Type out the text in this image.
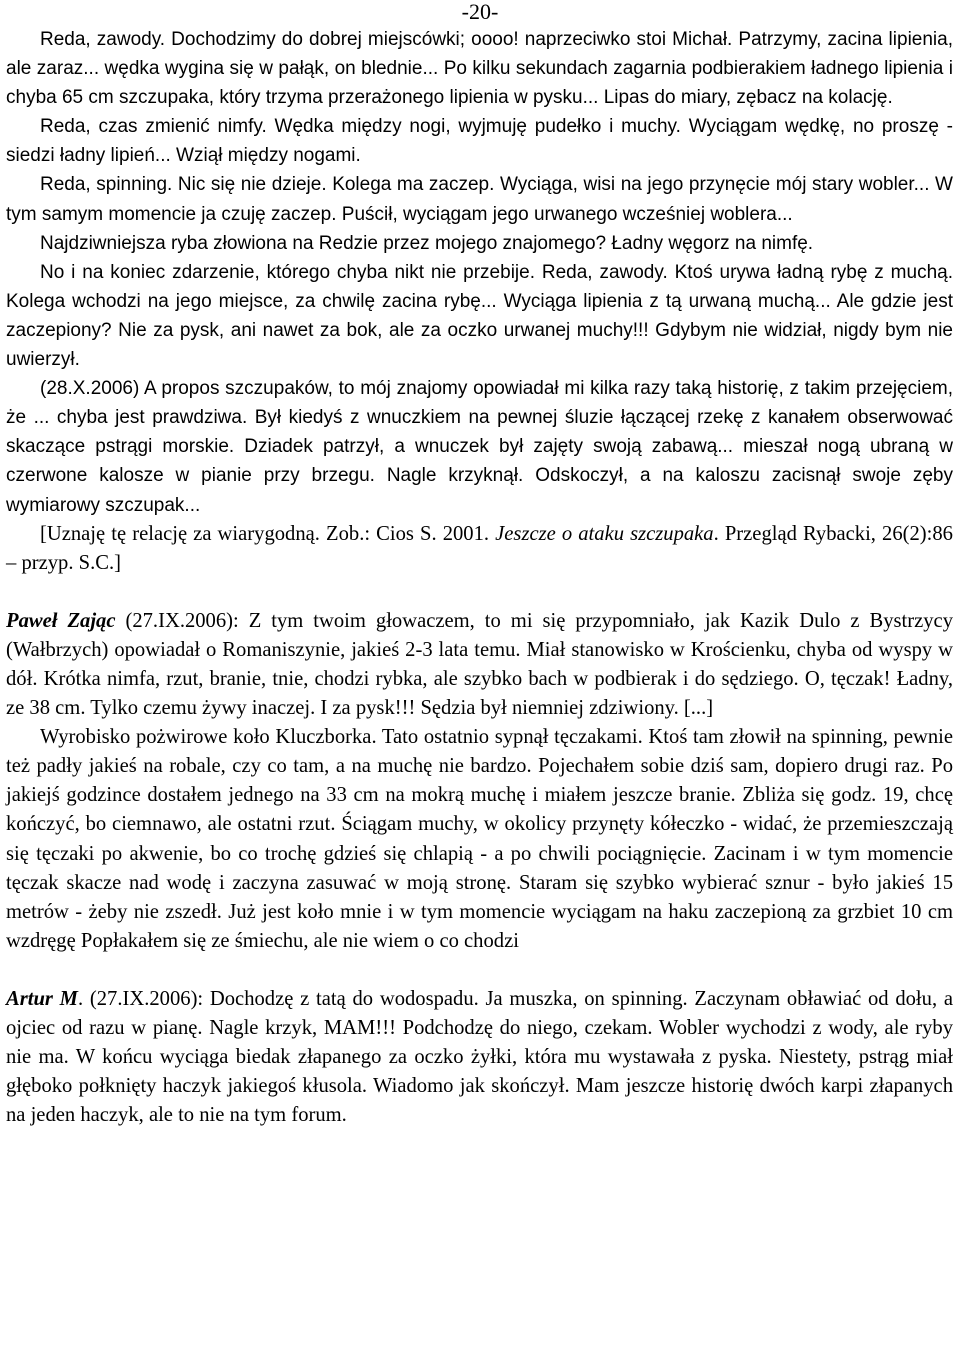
-20-

Reda, zawody. Dochodzimy do dobrej miejscówki; oooo! naprzeciwko stoi Michał. Patrzymy, zacina lipienia, ale zaraz... wędka wygina się w pałąk, on blednie... Po kilku sekundach zagarnia podbierakiem ładnego lipienia i chyba 65 cm szczupaka, który trzyma przerażonego lipienia w pysku... Lipas do miary, zębacz na kolację.

Reda, czas zmienić nimfy. Wędka między nogi, wyjmuję pudełko i muchy. Wyciągam wędkę, no proszę - siedzi ładny lipień... Wziął między nogami.

Reda, spinning. Nic się nie dzieje. Kolega ma zaczep. Wyciąga, wisi na jego przynęcie mój stary wobler... W tym samym momencie ja czuję zaczep. Puścił, wyciągam jego urwanego wcześniej woblera...

Najdziwniejsza ryba złowiona na Redzie przez mojego znajomego? Ładny węgorz na nimfę.

No i na koniec zdarzenie, którego chyba nikt nie przebije. Reda, zawody. Ktoś urywa ładną rybę z muchą. Kolega wchodzi na jego miejsce, za chwilę zacina rybę... Wyciąga lipienia z tą urwaną muchą... Ale gdzie jest zaczepiony? Nie za pysk, ani nawet za bok, ale za oczko urwanej muchy!!! Gdybym nie widział, nigdy bym nie uwierzył.

(28.X.2006) A propos szczupaków, to mój znajomy opowiadał mi kilka razy taką historię, z takim przejęciem, że ... chyba jest prawdziwa. Był kiedyś z wnuczkiem na pewnej śluzie łączącej rzekę z kanałem obserwować skaczące pstrągi morskie. Dziadek patrzył, a wnuczek był zajęty swoją zabawą... mieszał nogą ubraną w czerwone kalosze w pianie przy brzegu. Nagle krzyknął. Odskoczył, a na kaloszu zacisnął swoje zęby wymiarowy szczupak...

[Uznaję tę relację za wiarygodną. Zob.: Cios S. 2001. Jeszcze o ataku szczupaka. Przegląd Rybacki, 26(2):86 – przyp. S.C.]

Paweł Zając (27.IX.2006): Z tym twoim głowaczem, to mi się przypomniało, jak Kazik Dulo z Bystrzycy (Wałbrzych) opowiadał o Romaniszynie, jakieś 2-3 lata temu. Miał stanowisko w Krościenku, chyba od wyspy w dół. Krótka nimfa, rzut, branie, tnie, chodzi rybka, ale szybko bach w podbierak i do sędziego. O, tęczak! Ładny, ze 38 cm. Tylko czemu żywy inaczej. I za pysk!!! Sędzia był niemniej zdziwiony. [...]

Wyrobisko pożwirowe koło Kluczborka. Tato ostatnio sypnął tęczakami. Ktoś tam złowił na spinning, pewnie też padły jakieś na robale, czy co tam, a na muchę nie bardzo. Pojechałem sobie dziś sam, dopiero drugi raz. Po jakiejś godzince dostałem jednego na 33 cm na mokrą muchę i miałem jeszcze branie. Zbliża się godz. 19, chcę kończyć, bo ciemnawo, ale ostatni rzut. Ściągam muchy, w okolicy przynęty kółeczko - widać, że przemieszczają się tęczaki po akwenie, bo co trochę gdzieś się chlapią - a po chwili pociągnięcie. Zacinam i w tym momencie tęczak skacze nad wodę i zaczyna zasuwać w moją stronę. Staram się szybko wybierać sznur - było jakieś 15 metrów - żeby nie zszedł. Już jest koło mnie i w tym momencie wyciągam na haku zaczepioną za grzbiet 10 cm wzdręgę Popłakałem się ze śmiechu, ale nie wiem o co chodzi

Artur M. (27.IX.2006): Dochodzę z tatą do wodospadu. Ja muszka, on spinning. Zaczynam obławiać od dołu, a ojciec od razu w pianę. Nagle krzyk, MAM!!! Podchodzę do niego, czekam. Wobler wychodzi z wody, ale ryby nie ma. W końcu wyciąga biedak złapanego za oczko żyłki, która mu wystawała z pyska. Niestety, pstrąg miał głęboko połknięty haczyk jakiegoś kłusola. Wiadomo jak skończył. Mam jeszcze historię dwóch karpi złapanych na jeden haczyk, ale to nie na tym forum.
